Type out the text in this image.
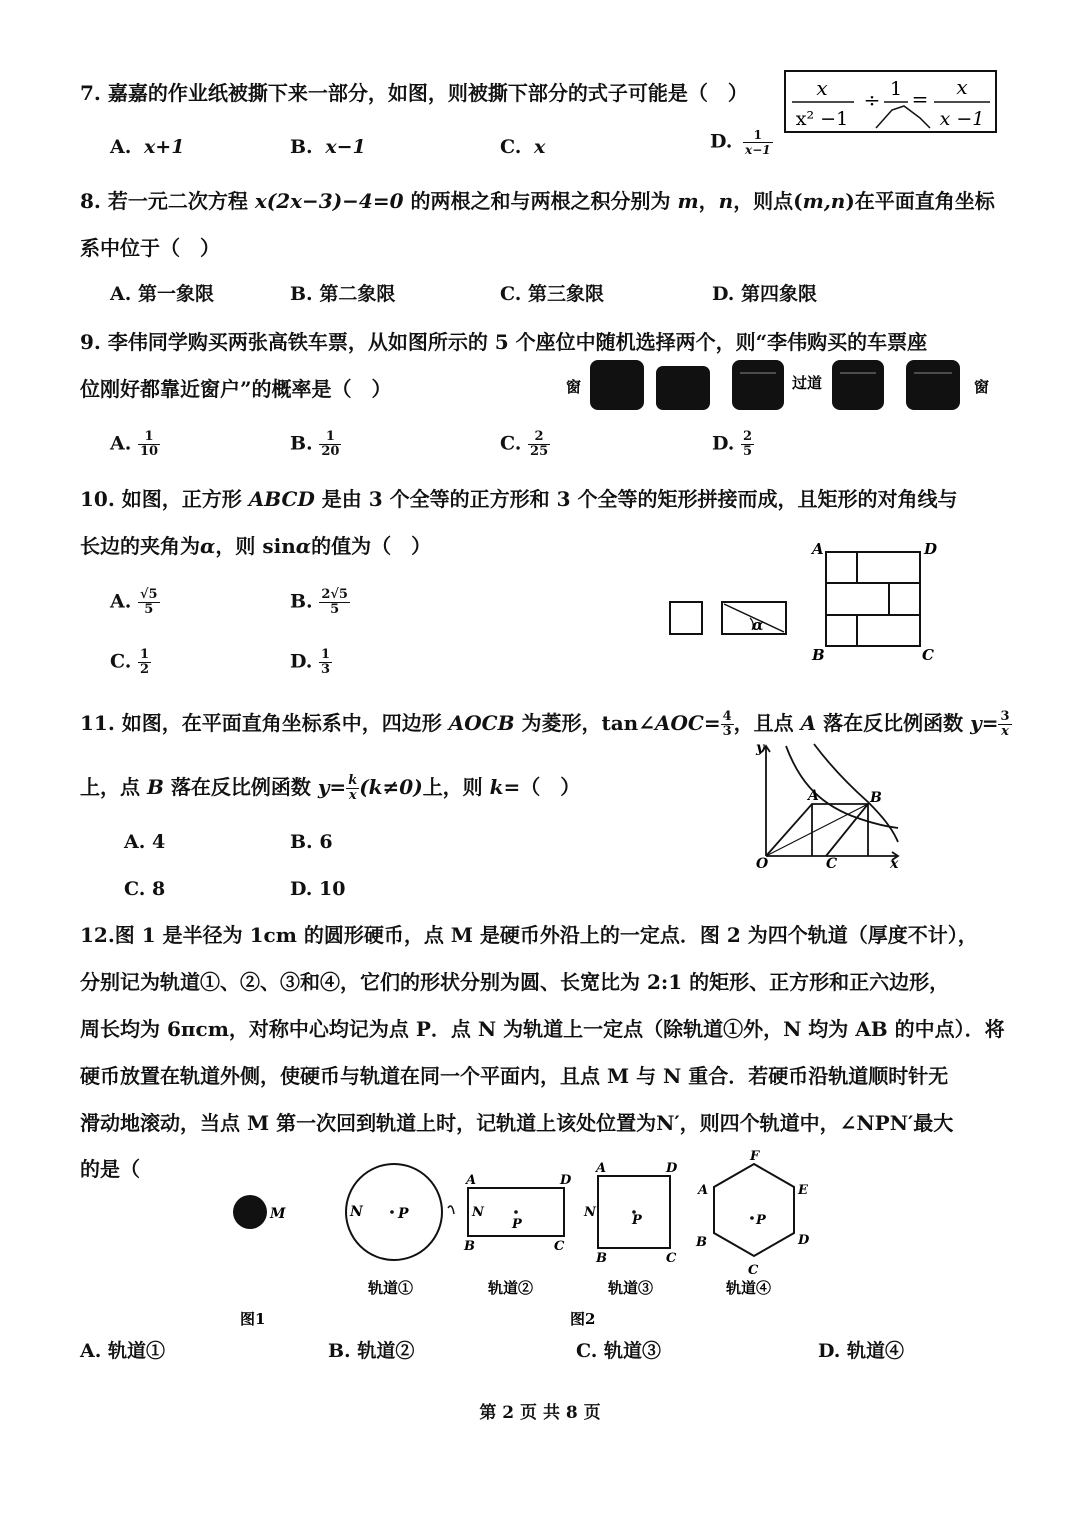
7. 嘉嘉的作业纸被撕下来一部分，如图，则被撕下部分的式子可能是（　）	x
x² −1
÷ 1 = x
x −1
A. x+1	B. x−1	C. x	D. $\frac{1}{x-1}$
8. 若一元二次方程 x(2x−3)−4=0 的两根之和与两根之积分别为 m，n，则点(m,n)在平面直角坐标
系中位于（　）
A. 第一象限	B. 第二象限	C. 第三象限	D. 第四象限
9. 李伟同学购买两张高铁车票，从如图所示的 5 个座位中随机选择两个，则“李伟购买的车票座
位刚好都靠近窗户”的概率是（　）	窗	过道	窗
A. $\frac{1}{10}$	B. $\frac{1}{20}$	C. $\frac{2}{25}$	D. $\frac{2}{5}$
10. 如图，正方形 ABCD 是由 3 个全等的正方形和 3 个全等的矩形拼接而成，且矩形的对角线与
长边的夹角为α，则 sinα的值为（　）
α
A	D
B	C
A. $\frac{√5}{5}$	B. $\frac{2√5}{5}$
C. $\frac{1}{2}$	D. $\frac{1}{3}$
11. 如图，在平面直角坐标系中，四边形 AOCB 为菱形，tan∠AOC= $\frac{4}{3}$ ，且点 A 落在反比例函数 $y= \frac{3}{x}$
上，点 B 落在反比例函数 $y= \frac{k}{x} (k\ne 0)$上，则 k=（　）
y
x
O
A	B
C
A. 4	B. 6
C. 8	D. 10
12.图 1 是半径为 1cm 的圆形硬币，点 M 是硬币外沿上的一定点．图 2 为四个轨道（厚度不计），
分别记为轨道①、②、③和④，它们的形状分别为圆、长宽比为 2:1 的矩形、正方形和正六边形，
周长均为 6πcm，对称中心均记为点 P．点 N 为轨道上一定点（除轨道①外，N 均为 AB 的中点）．将
硬币放置在轨道外侧，使硬币与轨道在同一个平面内，且点 M 与 N 重合．若硬币沿轨道顺时针无
滑动地滚动，当点 M 第一次回到轨道上时，记轨道上该处位置为N′，则四个轨道中，∠NPN′最大
的是（
M
图1
N	P
轨道①
A	D
B	C
N
P
轨道②
A	D
B	C
N
P
轨道③
F
E
D
C
B
A
P
轨道④
图2
A. 轨道①	B. 轨道②	C. 轨道③	D. 轨道④
第 2 页 共 8 页
